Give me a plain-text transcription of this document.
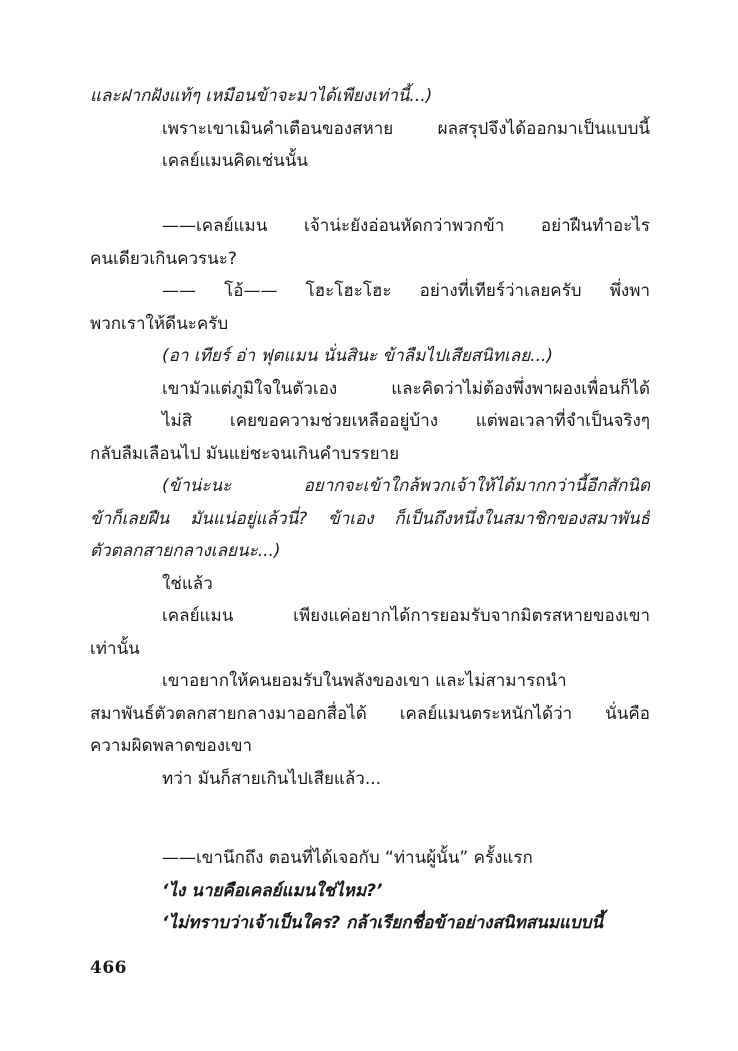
และฝากฝังแท้ๆ เหมือนข้าจะมาได้เพียงเท่านี้...)
เพราะเขาเมินคำเตือนของสหาย ผลสรุปจึงได้ออกมาเป็นแบบนี้
เคลย์แมนคิดเช่นนั้น
——เคลย์แมน เจ้าน่ะยังอ่อนหัดกว่าพวกข้า อย่าฝืนทำอะไร
คนเดียวเกินควรนะ?
—— โอ้—— โฮะโฮะโฮะ อย่างที่เทียร์ว่าเลยครับ พึ่งพา
พวกเราให้ดีนะครับ
(อา เทียร์ อ่า ฟุตแมน นั่นสินะ ข้าลืมไปเสียสนิทเลย...)
เขามัวแต่ภูมิใจในตัวเอง และคิดว่าไม่ต้องพึ่งพาผองเพื่อนก็ได้
ไม่สิ เคยขอความช่วยเหลืออยู่บ้าง แต่พอเวลาที่จำเป็นจริงๆ
กลับลืมเลือนไป มันแย่ชะจนเกินคำบรรยาย
(ข้าน่ะนะ อยากจะเข้าใกล้พวกเจ้าให้ได้มากกว่านี้อีกสักนิด
ข้าก็เลยฝืน มันแน่อยู่แล้วนี่? ข้าเอง ก็เป็นถึงหนึ่งในสมาชิกของสมาพันธ์
ตัวตลกสายกลางเลยนะ...)
ใช่แล้ว
เคลย์แมน เพียงแค่อยากได้การยอมรับจากมิตรสหายของเขา
เท่านั้น
เขาอยากให้คนยอมรับในพลังของเขา และไม่สามารถนำ
สมาพันธ์ตัวตลกสายกลางมาออกสื่อได้ เคลย์แมนตระหนักได้ว่า นั่นคือ
ความผิดพลาดของเขา
ทว่า มันก็สายเกินไปเสียแล้ว...
——เขานึกถึง ตอนที่ได้เจอกับ “ท่านผู้นั้น” ครั้งแรก
‘ไง นายคือเคลย์แมนใช่ไหม?’
‘ไม่ทราบว่าเจ้าเป็นใคร? กล้าเรียกชื่อข้าอย่างสนิทสนมแบบนี้
466
